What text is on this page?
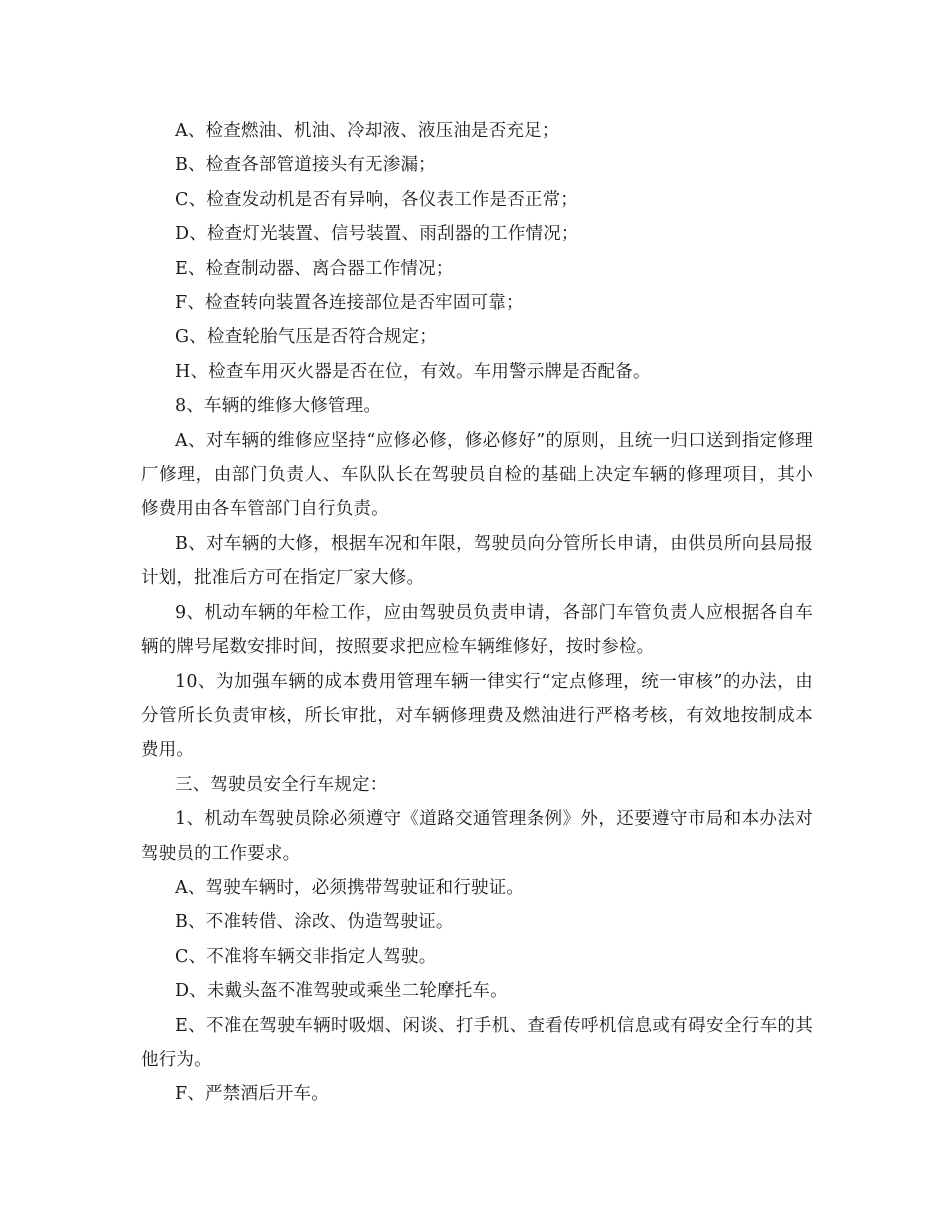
A、检查燃油、机油、冷却液、液压油是否充足；

B、检查各部管道接头有无渗漏；

C、检查发动机是否有异响，各仪表工作是否正常；

D、检查灯光装置、信号装置、雨刮器的工作情况；

E、检查制动器、离合器工作情况；

F、检查转向装置各连接部位是否牢固可靠；

G、检查轮胎气压是否符合规定；

H、检查车用灭火器是否在位，有效。车用警示牌是否配备。

8、车辆的维修大修管理。

A、对车辆的维修应坚持“应修必修，修必修好”的原则，且统一归口送到指定修理厂修理，由部门负责人、车队队长在驾驶员自检的基础上决定车辆的修理项目，其小修费用由各车管部门自行负责。

B、对车辆的大修，根据车况和年限，驾驶员向分管所长申请，由供员所向县局报计划，批准后方可在指定厂家大修。

9、机动车辆的年检工作，应由驾驶员负责申请，各部门车管负责人应根据各自车辆的牌号尾数安排时间，按照要求把应检车辆维修好，按时参检。

10、为加强车辆的成本费用管理车辆一律实行“定点修理，统一审核”的办法，由分管所长负责审核，所长审批，对车辆修理费及燃油进行严格考核，有效地按制成本费用。

三、驾驶员安全行车规定：

1、机动车驾驶员除必须遵守《道路交通管理条例》外，还要遵守市局和本办法对驾驶员的工作要求。

A、驾驶车辆时，必须携带驾驶证和行驶证。

B、不准转借、涂改、伪造驾驶证。

C、不准将车辆交非指定人驾驶。

D、未戴头盔不准驾驶或乘坐二轮摩托车。

E、不准在驾驶车辆时吸烟、闲谈、打手机、查看传呼机信息或有碍安全行车的其他行为。

F、严禁酒后开车。
